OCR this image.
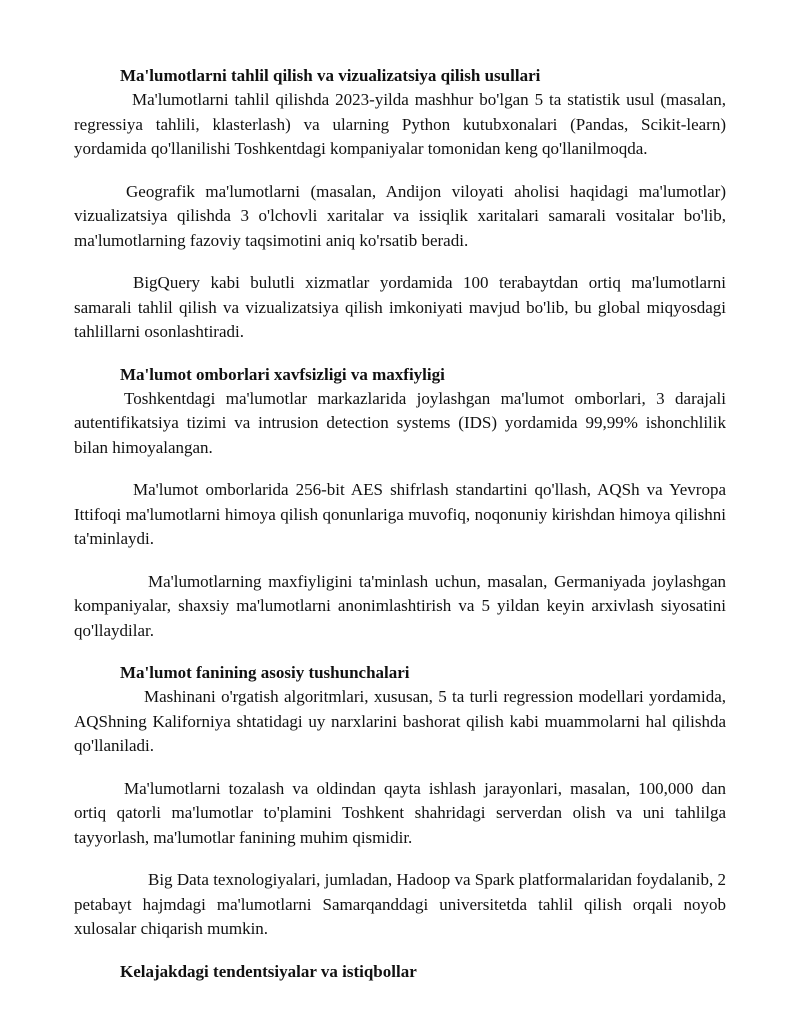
Ma'lumotlarni tahlil qilish va vizualizatsiya qilish usullari

Ma'lumotlarni tahlil qilishda 2023-yilda mashhur bo'lgan 5 ta statistik usul (masalan, regressiya tahlili, klasterlash) va ularning Python kutubxonalari (Pandas, Scikit-learn) yordamida qo'llanilishi Toshkentdagi kompaniyalar tomonidan keng qo'llanilmoqda.

Geografik ma'lumotlarni (masalan, Andijon viloyati aholisi haqidagi ma'lumotlar) vizualizatsiya qilishda 3 o'lchovli xaritalar va issiqlik xaritalari samarali vositalar bo'lib, ma'lumotlarning fazoviy taqsimotini aniq ko'rsatib beradi.

BigQuery kabi bulutli xizmatlar yordamida 100 terabaytdan ortiq ma'lumotlarni samarali tahlil qilish va vizualizatsiya qilish imkoniyati mavjud bo'lib, bu global miqyosdagi tahlillarni osonlashtiradi.

Ma'lumot omborlari xavfsizligi va maxfiyligi

Toshkentdagi ma'lumotlar markazlarida joylashgan ma'lumot omborlari, 3 darajali autentifikatsiya tizimi va intrusion detection systems (IDS) yordamida 99,99% ishonchlilik bilan himoyalangan.

Ma'lumot omborlarida 256-bit AES shifrlash standartini qo'llash, AQSh va Yevropa Ittifoqi ma'lumotlarni himoya qilish qonunlariga muvofiq, noqonuniy kirishdan himoya qilishni ta'minlaydi.

Ma'lumotlarning maxfiyligini ta'minlash uchun, masalan, Germaniyada joylashgan kompaniyalar, shaxsiy ma'lumotlarni anonimlashtirish va 5 yildan keyin arxivlash siyosatini qo'llaydilar.

Ma'lumot fanining asosiy tushunchalari

Mashinani o'rgatish algoritmlari, xususan, 5 ta turli regression modellari yordamida, AQShning Kaliforniya shtatidagi uy narxlarini bashorat qilish kabi muammolarni hal qilishda qo'llaniladi.

Ma'lumotlarni tozalash va oldindan qayta ishlash jarayonlari, masalan, 100,000 dan ortiq qatorli ma'lumotlar to'plamini Toshkent shahridagi serverdan olish va uni tahlilga tayyorlash, ma'lumotlar fanining muhim qismidir.

Big Data texnologiyalari, jumladan, Hadoop va Spark platformalaridan foydalanib, 2 petabayt hajmdagi ma'lumotlarni Samarqanddagi universitetda tahlil qilish orqali noyob xulosalar chiqarish mumkin.

Kelajakdagi tendentsiyalar va istiqbollar
